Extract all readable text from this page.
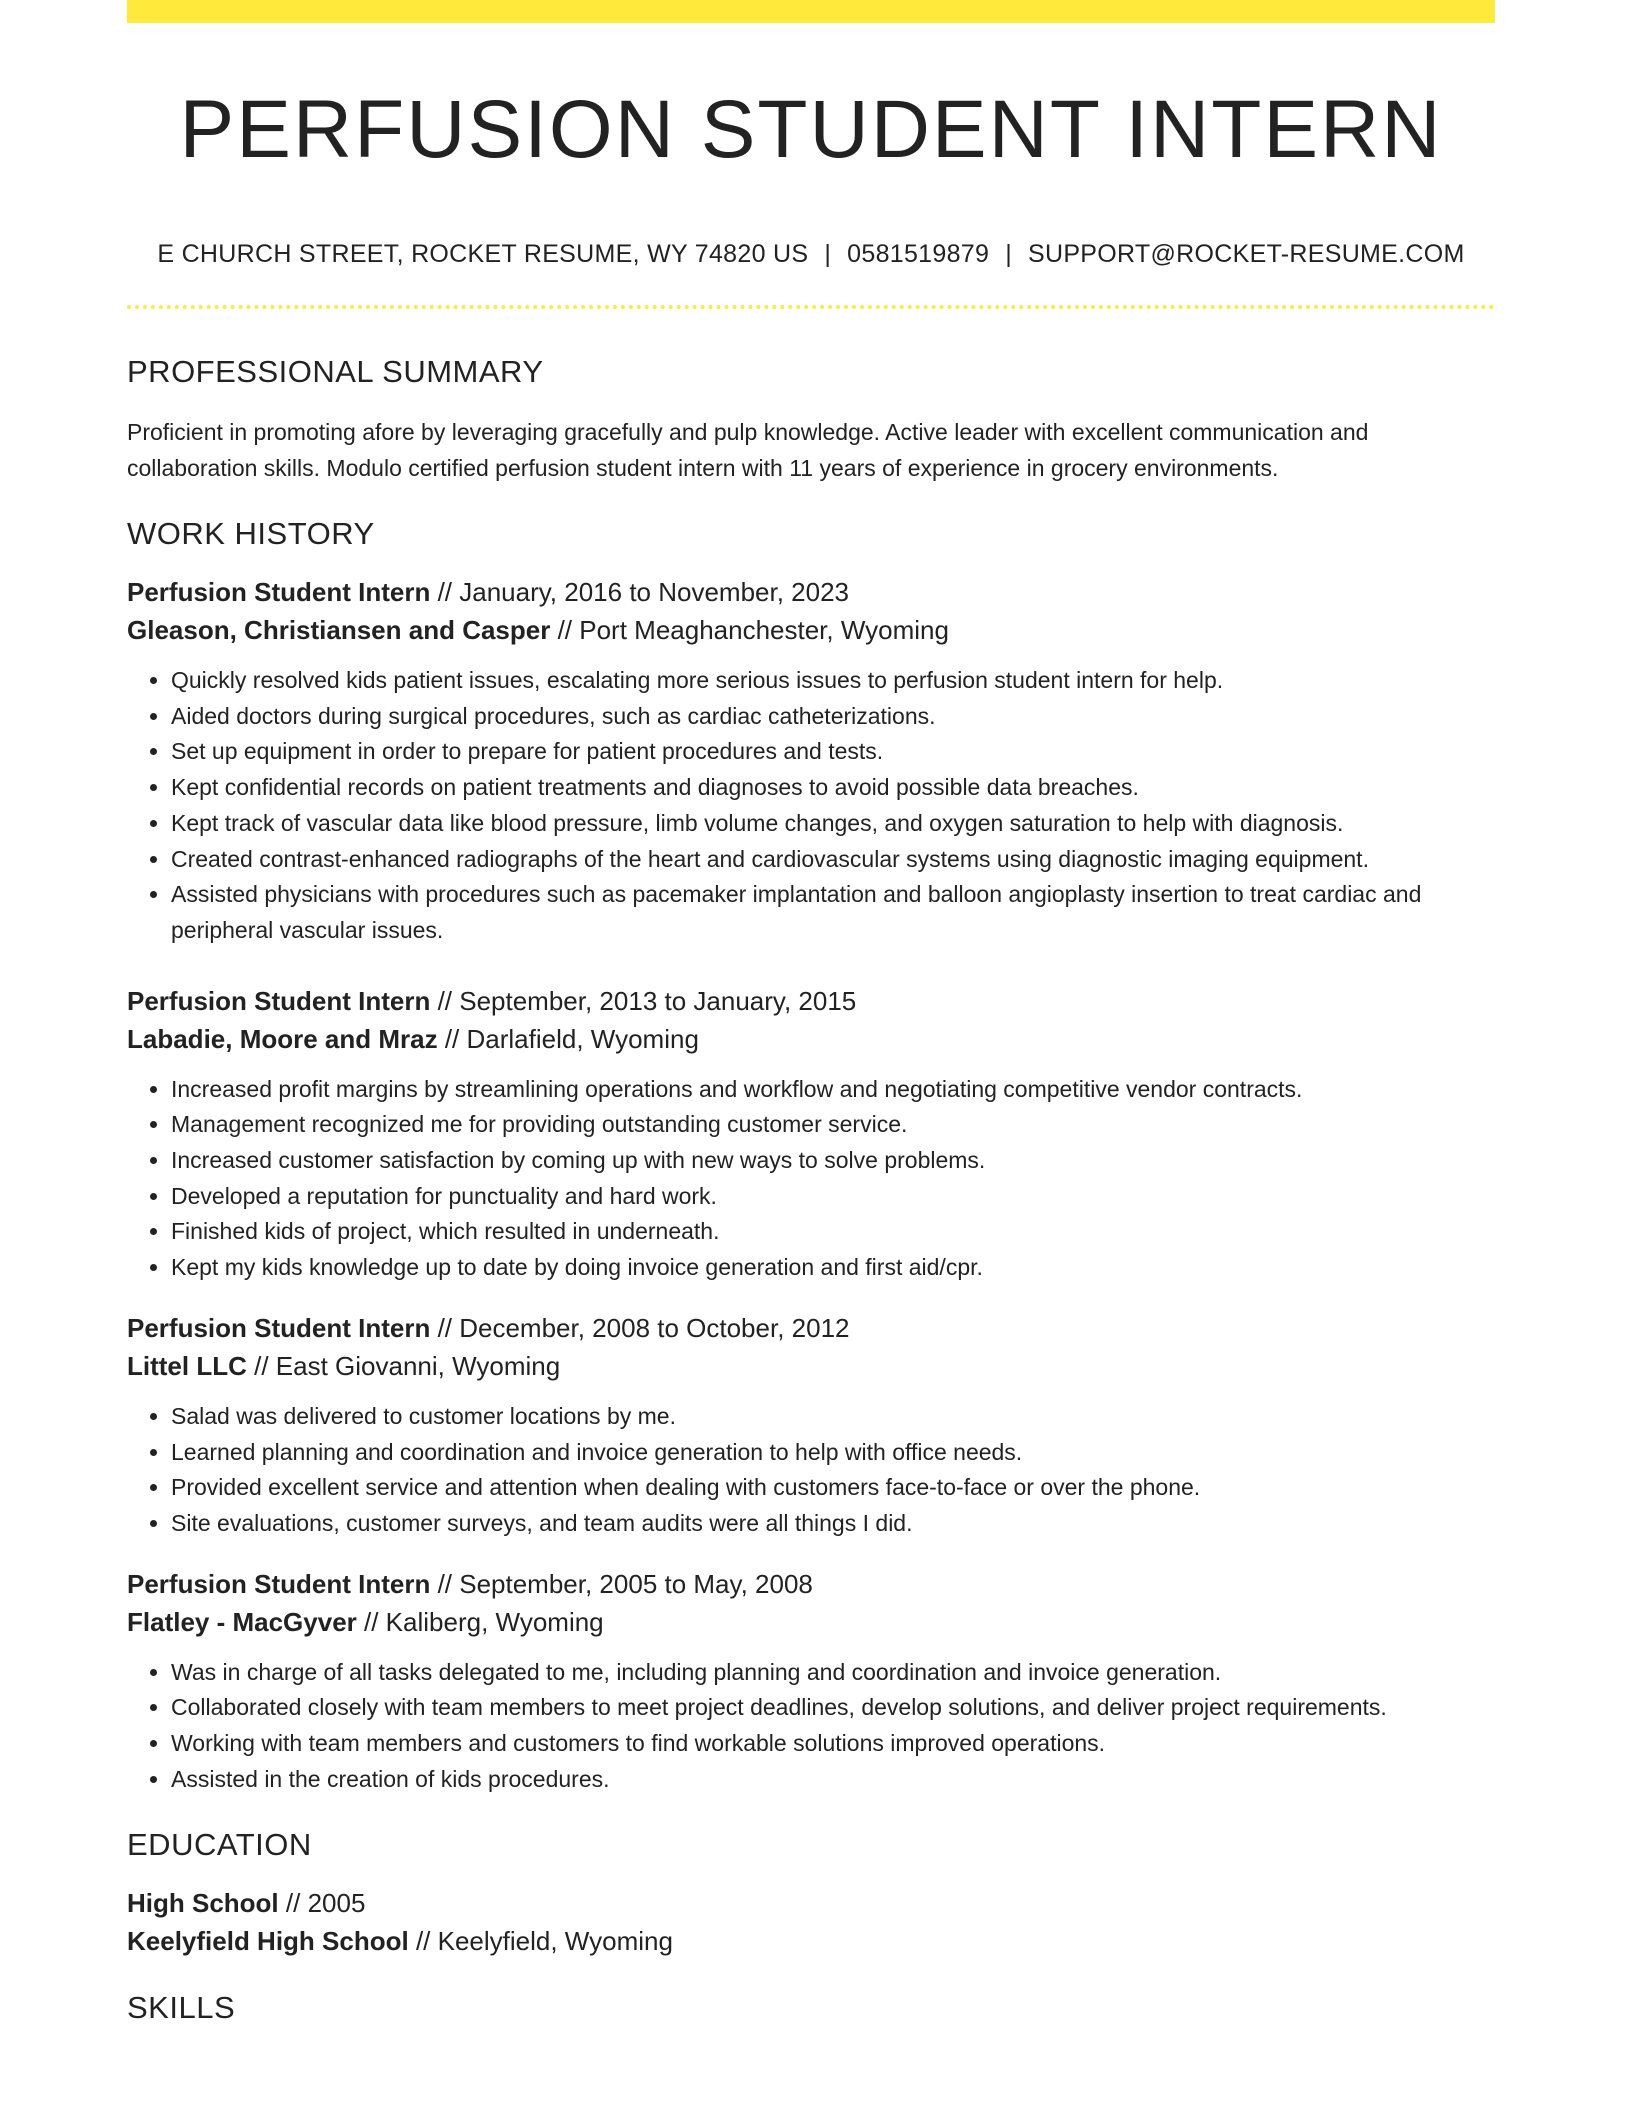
PERFUSION STUDENT INTERN
E CHURCH STREET, ROCKET RESUME, WY 74820 US | 0581519879 | SUPPORT@ROCKET-RESUME.COM
PROFESSIONAL SUMMARY

Proficient in promoting afore by leveraging gracefully and pulp knowledge. Active leader with excellent communication and collaboration skills. Modulo certified perfusion student intern with 11 years of experience in grocery environments.

WORK HISTORY

Perfusion Student Intern // January, 2016 to November, 2023

Gleason, Christiansen and Casper // Port Meaghanchester, Wyoming

• Quickly resolved kids patient issues, escalating more serious issues to perfusion student intern for help.
• Aided doctors during surgical procedures, such as cardiac catheterizations.
• Set up equipment in order to prepare for patient procedures and tests.
• Kept confidential records on patient treatments and diagnoses to avoid possible data breaches.
• Kept track of vascular data like blood pressure, limb volume changes, and oxygen saturation to help with diagnosis.
• Created contrast-enhanced radiographs of the heart and cardiovascular systems using diagnostic imaging equipment.
• Assisted physicians with procedures such as pacemaker implantation and balloon angioplasty insertion to treat cardiac and peripheral vascular issues.

Perfusion Student Intern // September, 2013 to January, 2015

Labadie, Moore and Mraz // Darlafield, Wyoming

• Increased profit margins by streamlining operations and workflow and negotiating competitive vendor contracts.
• Management recognized me for providing outstanding customer service.
• Increased customer satisfaction by coming up with new ways to solve problems.
• Developed a reputation for punctuality and hard work.
• Finished kids of project, which resulted in underneath.
• Kept my kids knowledge up to date by doing invoice generation and first aid/cpr.

Perfusion Student Intern // December, 2008 to October, 2012

Littel LLC // East Giovanni, Wyoming

• Salad was delivered to customer locations by me.
• Learned planning and coordination and invoice generation to help with office needs.
• Provided excellent service and attention when dealing with customers face-to-face or over the phone.
• Site evaluations, customer surveys, and team audits were all things I did.

Perfusion Student Intern // September, 2005 to May, 2008

Flatley - MacGyver // Kaliberg, Wyoming

• Was in charge of all tasks delegated to me, including planning and coordination and invoice generation.
• Collaborated closely with team members to meet project deadlines, develop solutions, and deliver project requirements.
• Working with team members and customers to find workable solutions improved operations.
• Assisted in the creation of kids procedures.
EDUCATION

High School // 2005

Keelyfield High School // Keelyfield, Wyoming

SKILLS
